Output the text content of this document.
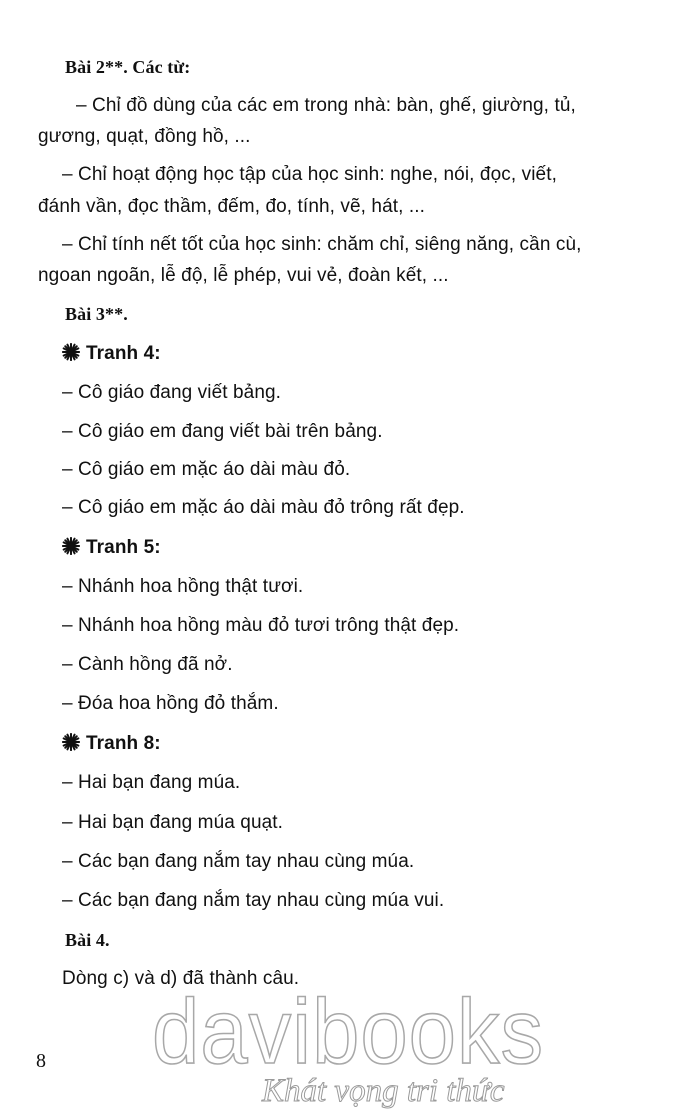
Bài 2**. Các từ:
– Chỉ đồ dùng của các em trong nhà: bàn, ghế, giường, tủ,
gương, quạt, đồng hồ, ...
– Chỉ hoạt động học tập của học sinh: nghe, nói, đọc, viết,
đánh vần, đọc thầm, đếm, đo, tính, vẽ, hát, ...
– Chỉ tính nết tốt của học sinh: chăm chỉ, siêng năng, cần cù,
ngoan ngoãn, lễ độ, lễ phép, vui vẻ, đoàn kết, ...
Bài 3**.
Tranh 4:
– Cô giáo đang viết bảng.
– Cô giáo em đang viết bài trên bảng.
– Cô giáo em mặc áo dài màu đỏ.
– Cô giáo em mặc áo dài màu đỏ trông rất đẹp.
Tranh 5:
– Nhánh hoa hồng thật tươi.
– Nhánh hoa hồng màu đỏ tươi trông thật đẹp.
– Cành hồng đã nở.
– Đóa hoa hồng đỏ thắm.
Tranh 8:
– Hai bạn đang múa.
– Hai bạn đang múa quạt.
– Các bạn đang nắm tay nhau cùng múa.
– Các bạn đang nắm tay nhau cùng múa vui.
Bài 4.
Dòng c) và d) đã thành câu.
davibooks
Khát vọng tri thức
8
